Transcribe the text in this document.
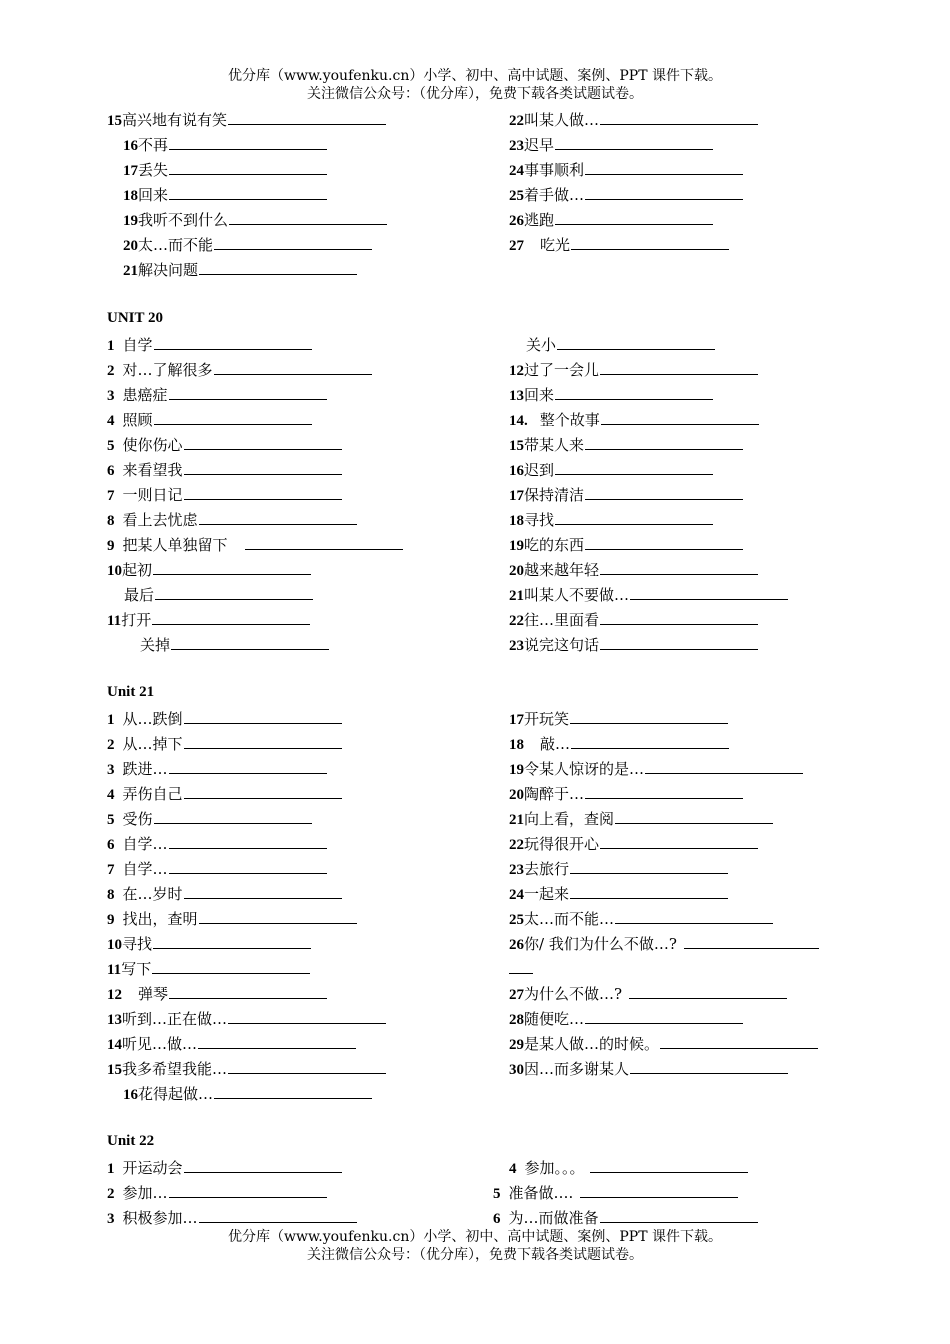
优分库（www.youfenku.cn）小学、初中、高中试题、案例、PPT 课件下载。
关注微信公众号：（优分库），免费下载各类试题试卷。
15高兴地有说有笑
16不再
17丢失
18回来
19我听不到什么
20太…而不能
21解决问题
22叫某人做…
23迟早
24事事顺利
25着手做…
26逃跑
27 吃光
UNIT 20
1 自学
2 对…了解很多
3 患癌症
4 照顾
5 使你伤心
6 来看望我
7 一则日记
8 看上去忧虑
9 把某人单独留下
10起初
最后
11打开
关掉
关小
12过了一会儿
13回来
14. 整个故事
15带某人来
16迟到
17保持清洁
18寻找
19吃的东西
20越来越年轻
21叫某人不要做…
22往…里面看
23说完这句话
Unit 21
1 从…跌倒
2 从…掉下
3 跌进…
4 弄伤自己
5 受伤
6 自学…
7 自学…
8 在…岁时
9 找出，查明
10寻找
11写下
12 弹琴
13听到…正在做…
14听见…做…
15我多希望我能…
16花得起做…
17开玩笑
18 敲…
19令某人惊讶的是…
20陶醉于…
21向上看，查阅
22玩得很开心
23去旅行
24一起来
25太…而不能…
26你/ 我们为什么不做…?
27为什么不做…?
28随便吃…
29是某人做…的时候。
30因…而多谢某人
Unit 22
1 开运动会
2 参加…
3 积极参加…
4 参加。。。
5 准备做….
6 为…而做准备
优分库（www.youfenku.cn）小学、初中、高中试题、案例、PPT 课件下载。
关注微信公众号：（优分库），免费下载各类试题试卷。
